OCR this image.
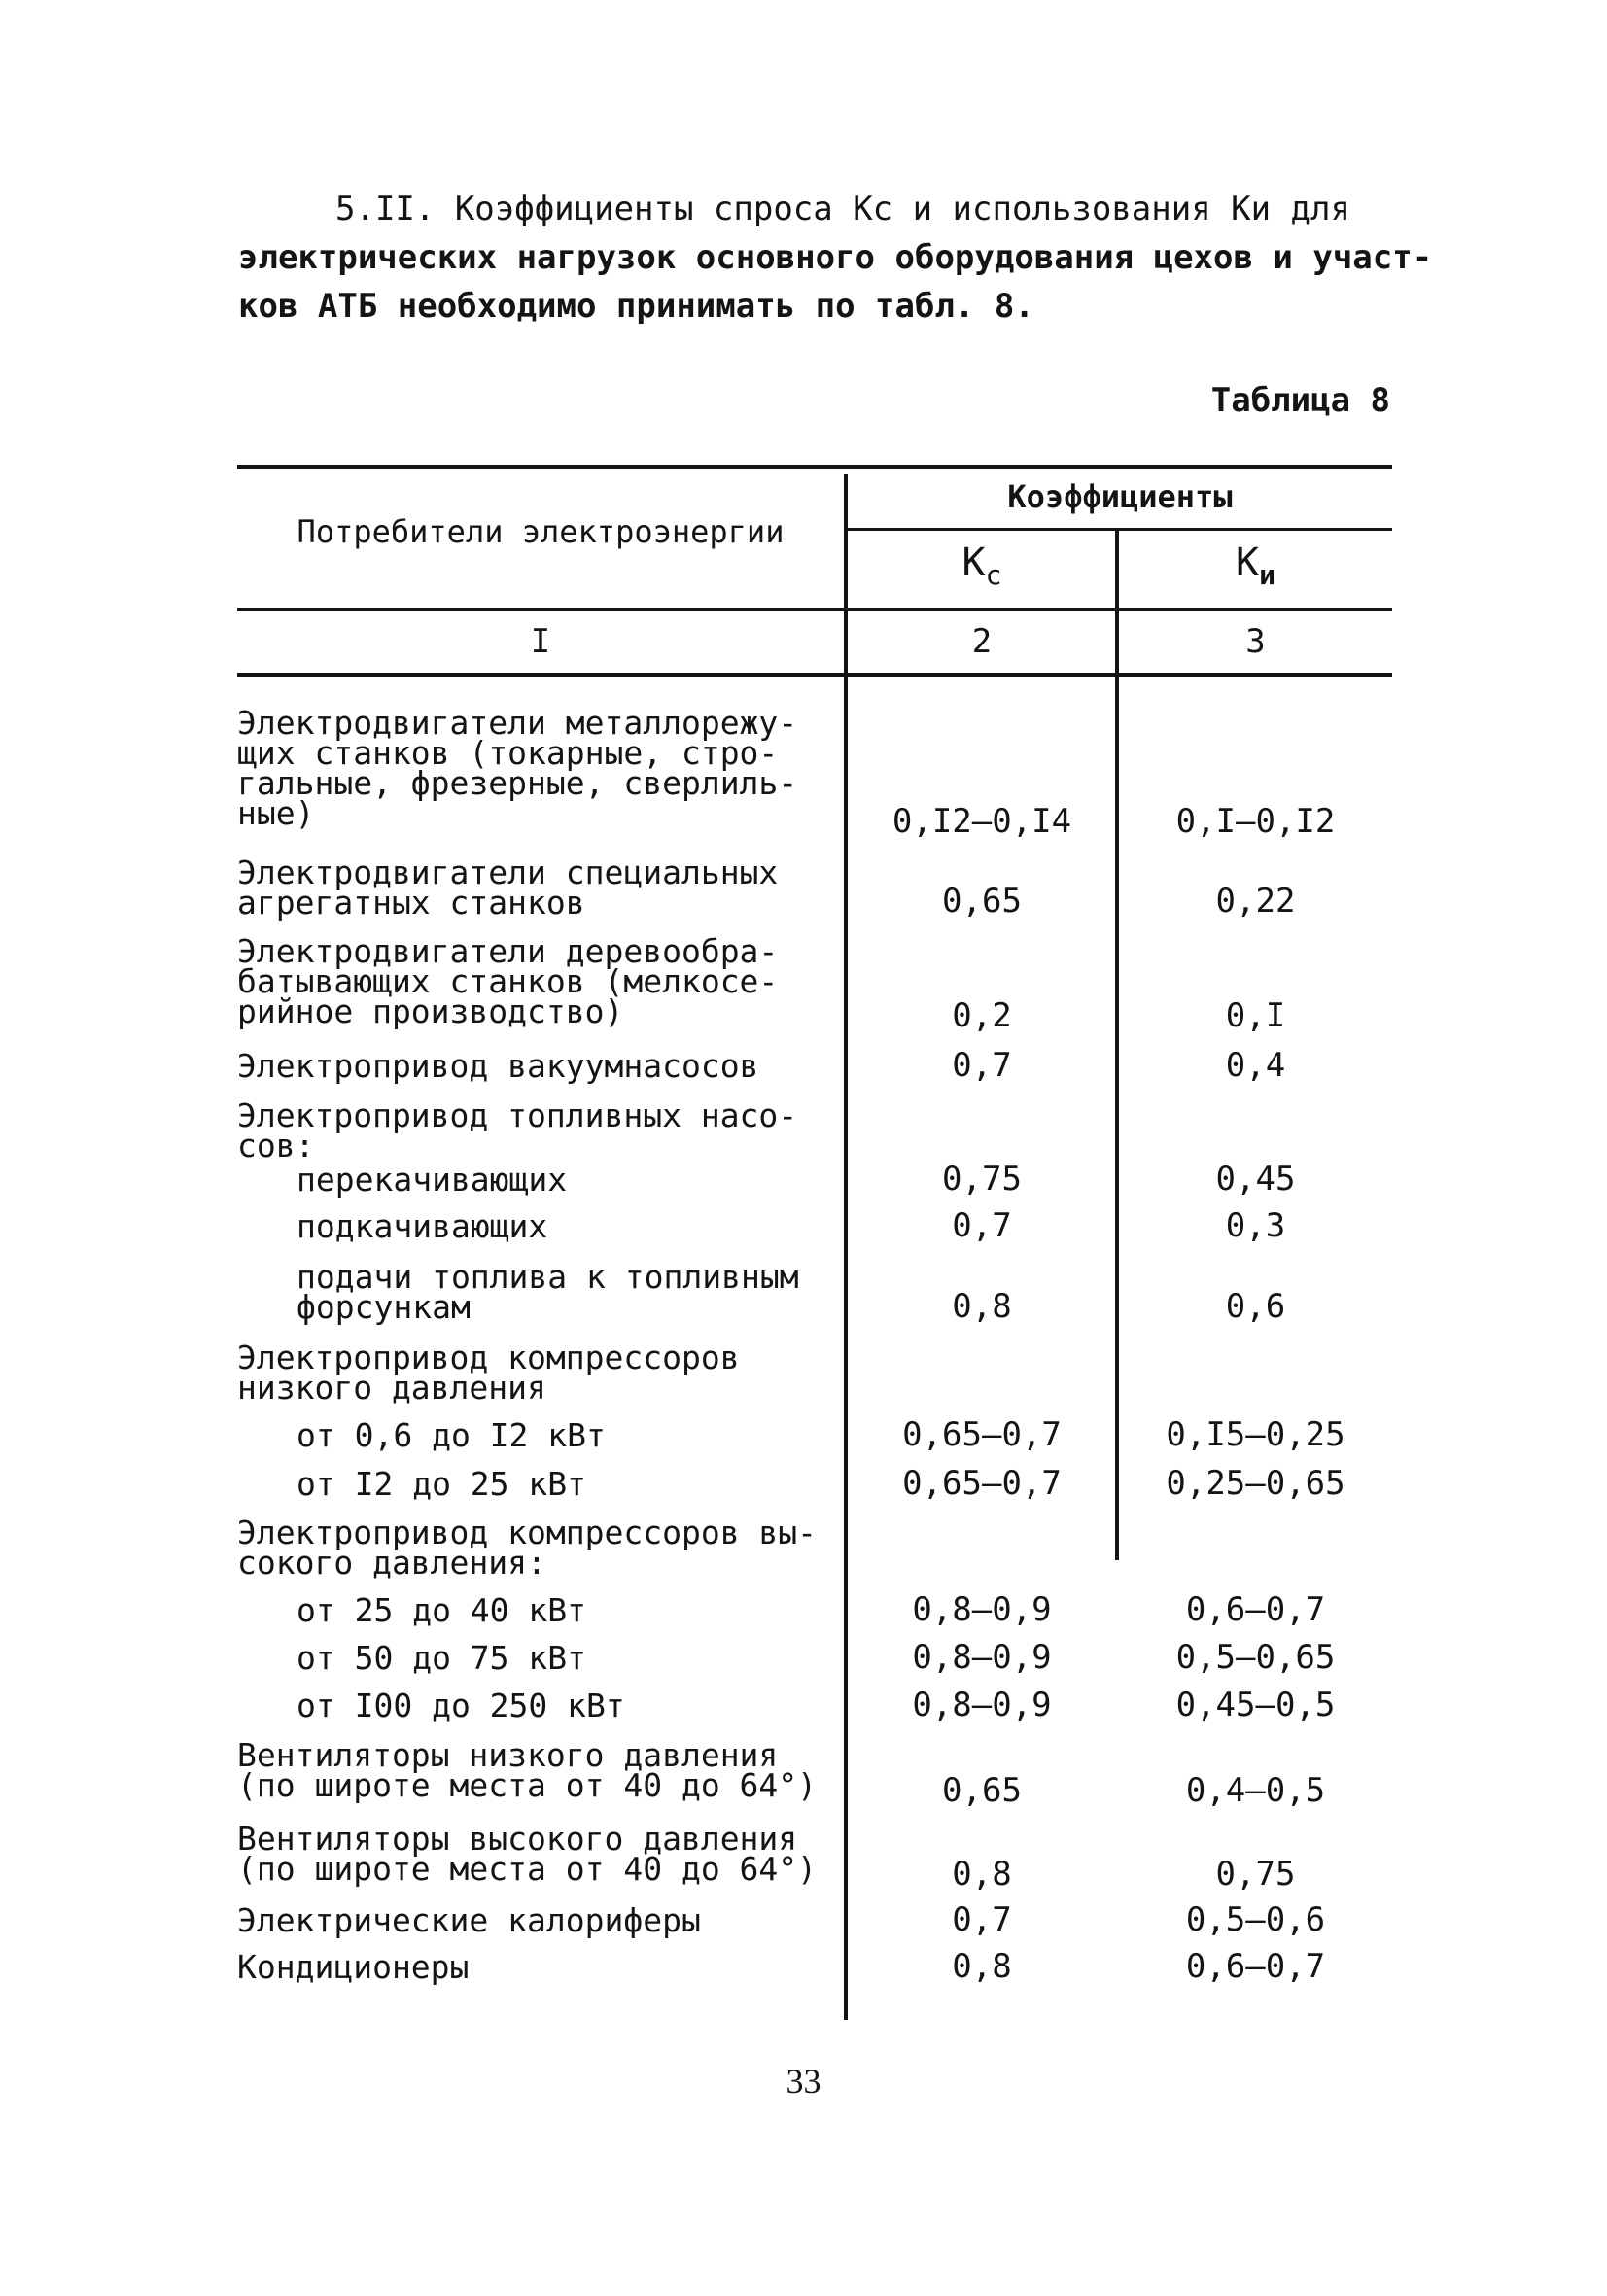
5.II. Коэффициенты спроса Кс и использования Ки для
электрических нагрузок основного оборудования цехов и участ-
ков АТБ необходимо принимать по табл. 8.
Таблица 8
Потребители электроэнергии
Коэффициенты
$К_с$	$К_и$
I	2	3
Электродвигатели металлорежу-
щих станков (токарные, стро-
гальные, фрезерные, сверлиль-
ные)	0,I2–0,I4	0,I–0,I2
Электродвигатели специальных
агрегатных станков	0,65	0,22
Электродвигатели деревообра-
батывающих станков (мелкосе-
рийное производство)	0,2	0,I
Электропривод вакуумнасосов	0,7	0,4
Электропривод топливных насо-
сов:
перекачивающих	0,75	0,45
подкачивающих	0,7	0,3
подачи топлива к топливным
форсункам	0,8	0,6
Электропривод компрессоров
низкого давления
от 0,6 до I2 кВт	0,65–0,7	0,I5–0,25
от I2 до 25 кВт	0,65–0,7	0,25–0,65
Электропривод компрессоров вы-
сокого давления:
от 25 до 40 кВт	0,8–0,9	0,6–0,7
от 50 до 75 кВт	0,8–0,9	0,5–0,65
от I00 до 250 кВт	0,8–0,9	0,45–0,5
Вентиляторы низкого давления
(по широте места от 40 до 64°)	0,65	0,4–0,5
Вентиляторы высокого давления
(по широте места от 40 до 64°)	0,8	0,75
Электрические калориферы	0,7	0,5–0,6
Кондиционеры	0,8	0,6–0,7
33
